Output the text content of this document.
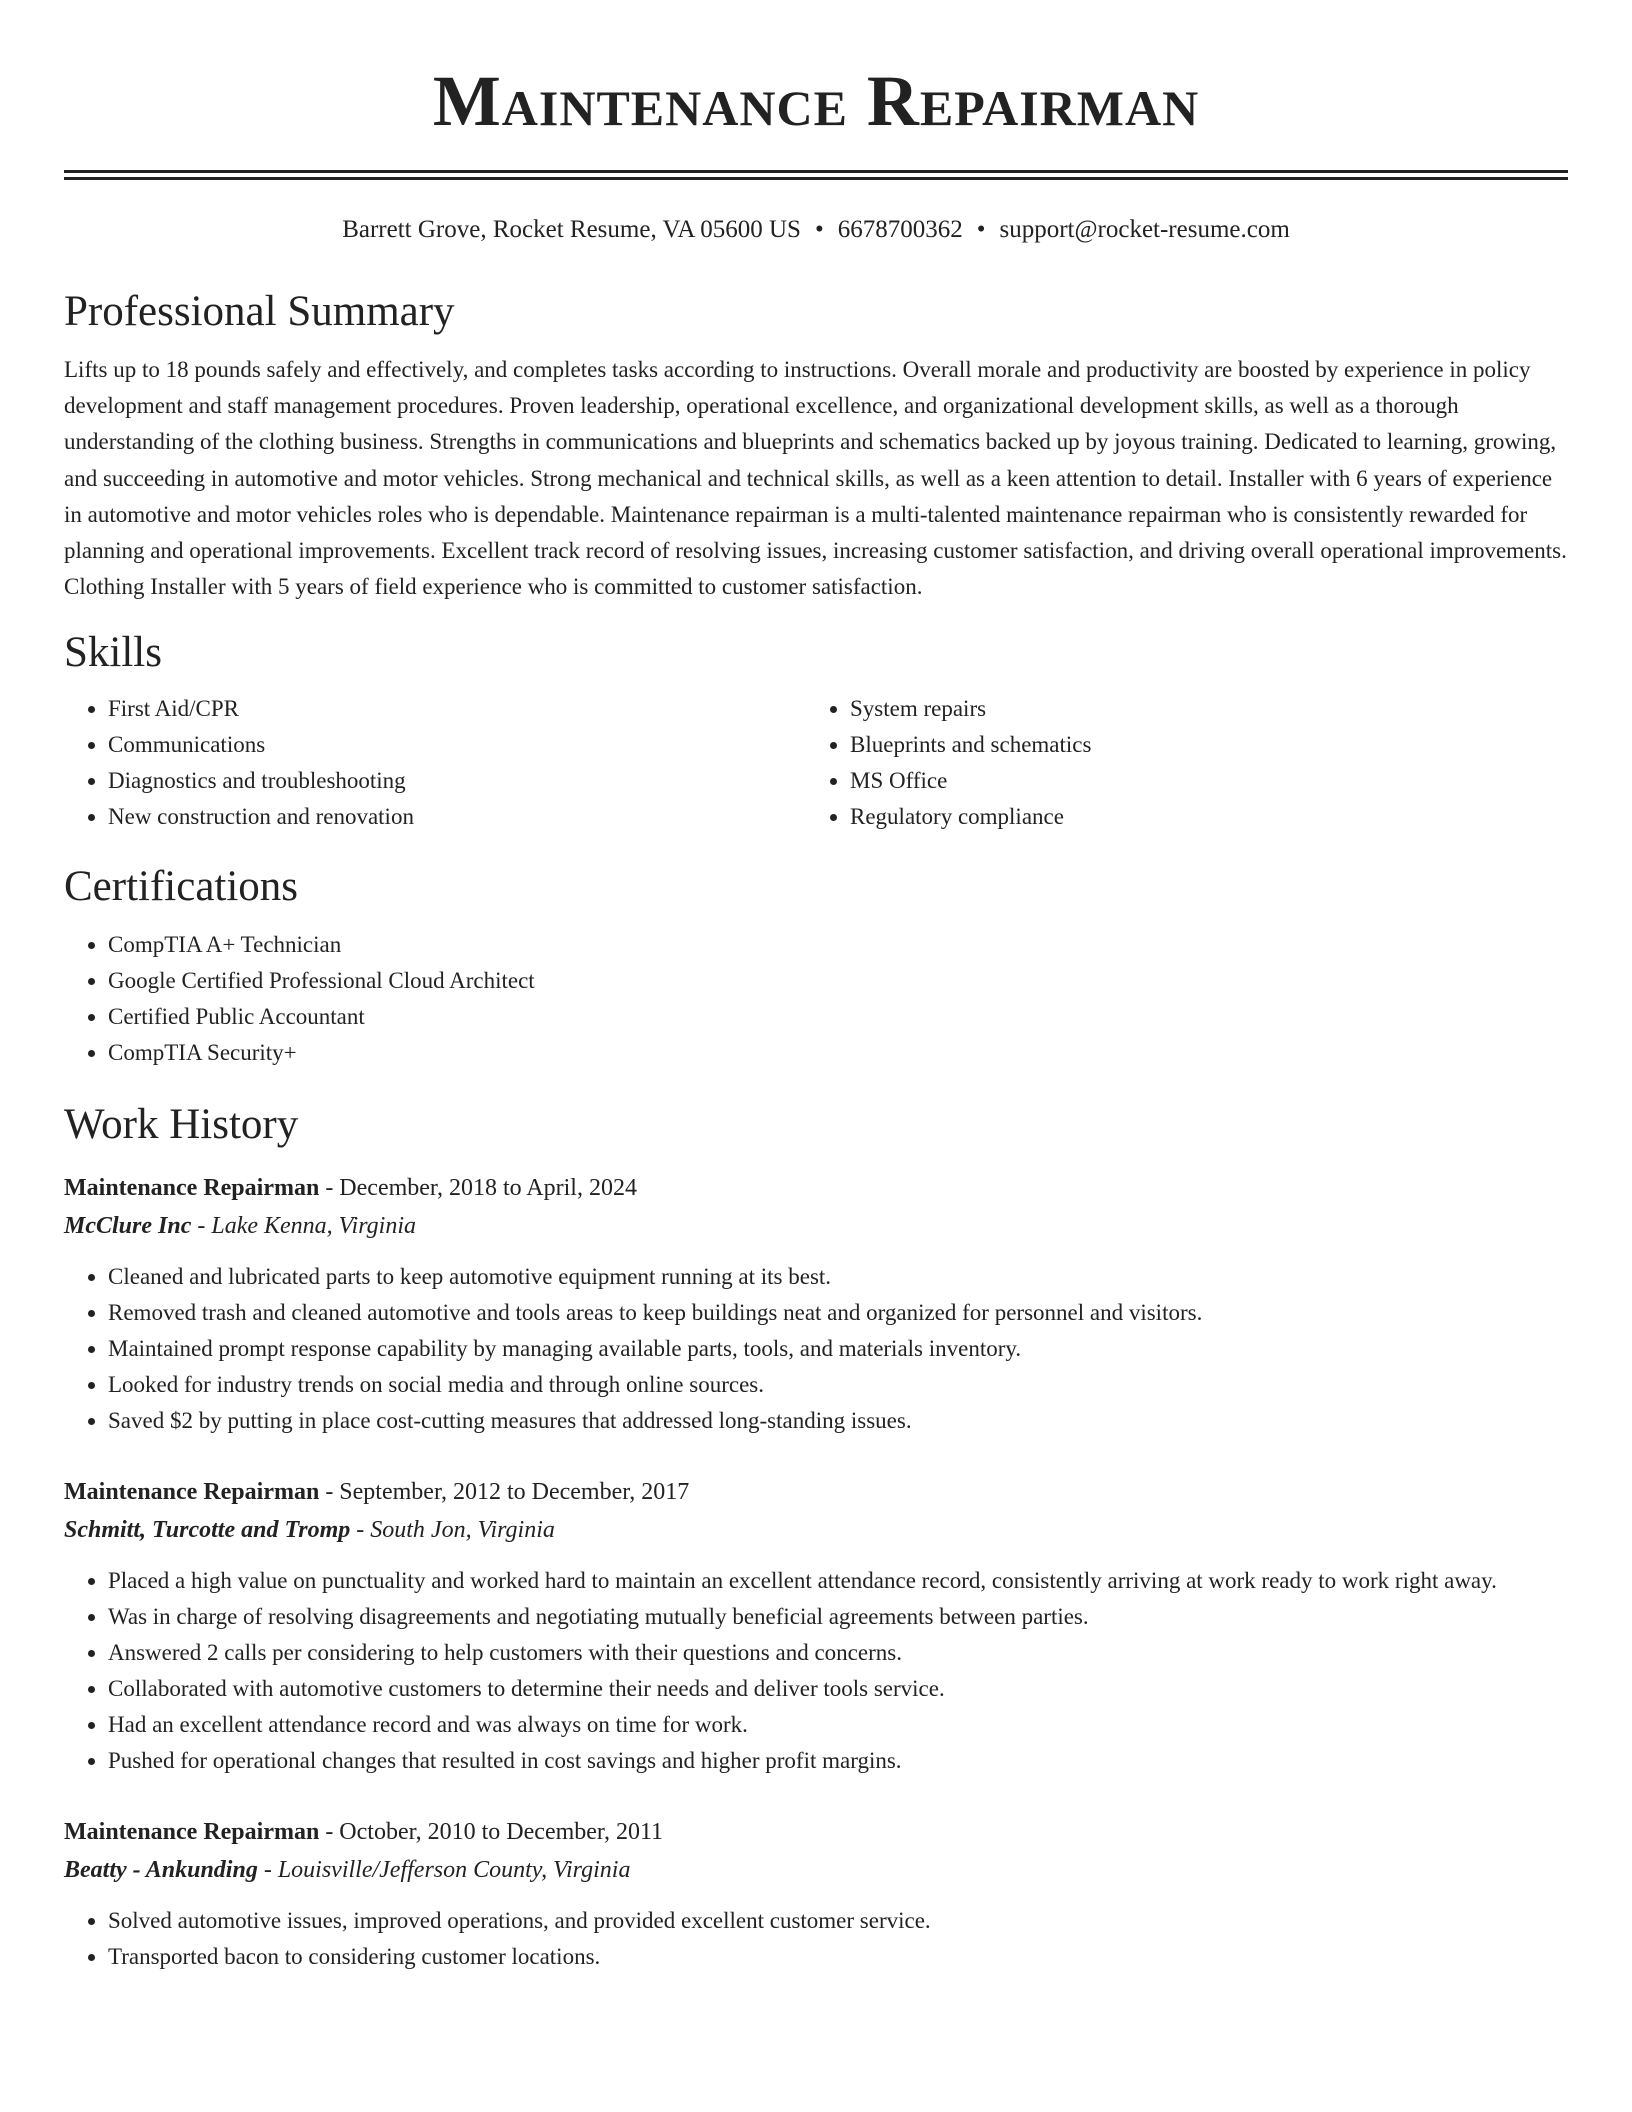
Maintenance Repairman
Barrett Grove, Rocket Resume, VA 05600 US • 6678700362 • support@rocket-resume.com
Professional Summary
Lifts up to 18 pounds safely and effectively, and completes tasks according to instructions. Overall morale and productivity are boosted by experience in policy development and staff management procedures. Proven leadership, operational excellence, and organizational development skills, as well as a thorough understanding of the clothing business. Strengths in communications and blueprints and schematics backed up by joyous training. Dedicated to learning, growing, and succeeding in automotive and motor vehicles. Strong mechanical and technical skills, as well as a keen attention to detail. Installer with 6 years of experience in automotive and motor vehicles roles who is dependable. Maintenance repairman is a multi-talented maintenance repairman who is consistently rewarded for planning and operational improvements. Excellent track record of resolving issues, increasing customer satisfaction, and driving overall operational improvements. Clothing Installer with 5 years of field experience who is committed to customer satisfaction.
Skills
• First Aid/CPR
• Communications
• Diagnostics and troubleshooting
• New construction and renovation
• System repairs
• Blueprints and schematics
• MS Office
• Regulatory compliance
Certifications
• CompTIA A+ Technician
• Google Certified Professional Cloud Architect
• Certified Public Accountant
• CompTIA Security+
Work History
Maintenance Repairman - December, 2018 to April, 2024
McClure Inc - Lake Kenna, Virginia
• Cleaned and lubricated parts to keep automotive equipment running at its best.
• Removed trash and cleaned automotive and tools areas to keep buildings neat and organized for personnel and visitors.
• Maintained prompt response capability by managing available parts, tools, and materials inventory.
• Looked for industry trends on social media and through online sources.
• Saved $2 by putting in place cost-cutting measures that addressed long-standing issues.
Maintenance Repairman - September, 2012 to December, 2017
Schmitt, Turcotte and Tromp - South Jon, Virginia
• Placed a high value on punctuality and worked hard to maintain an excellent attendance record, consistently arriving at work ready to work right away.
• Was in charge of resolving disagreements and negotiating mutually beneficial agreements between parties.
• Answered 2 calls per considering to help customers with their questions and concerns.
• Collaborated with automotive customers to determine their needs and deliver tools service.
• Had an excellent attendance record and was always on time for work.
• Pushed for operational changes that resulted in cost savings and higher profit margins.
Maintenance Repairman - October, 2010 to December, 2011
Beatty - Ankunding - Louisville/Jefferson County, Virginia
• Solved automotive issues, improved operations, and provided excellent customer service.
• Transported bacon to considering customer locations.
